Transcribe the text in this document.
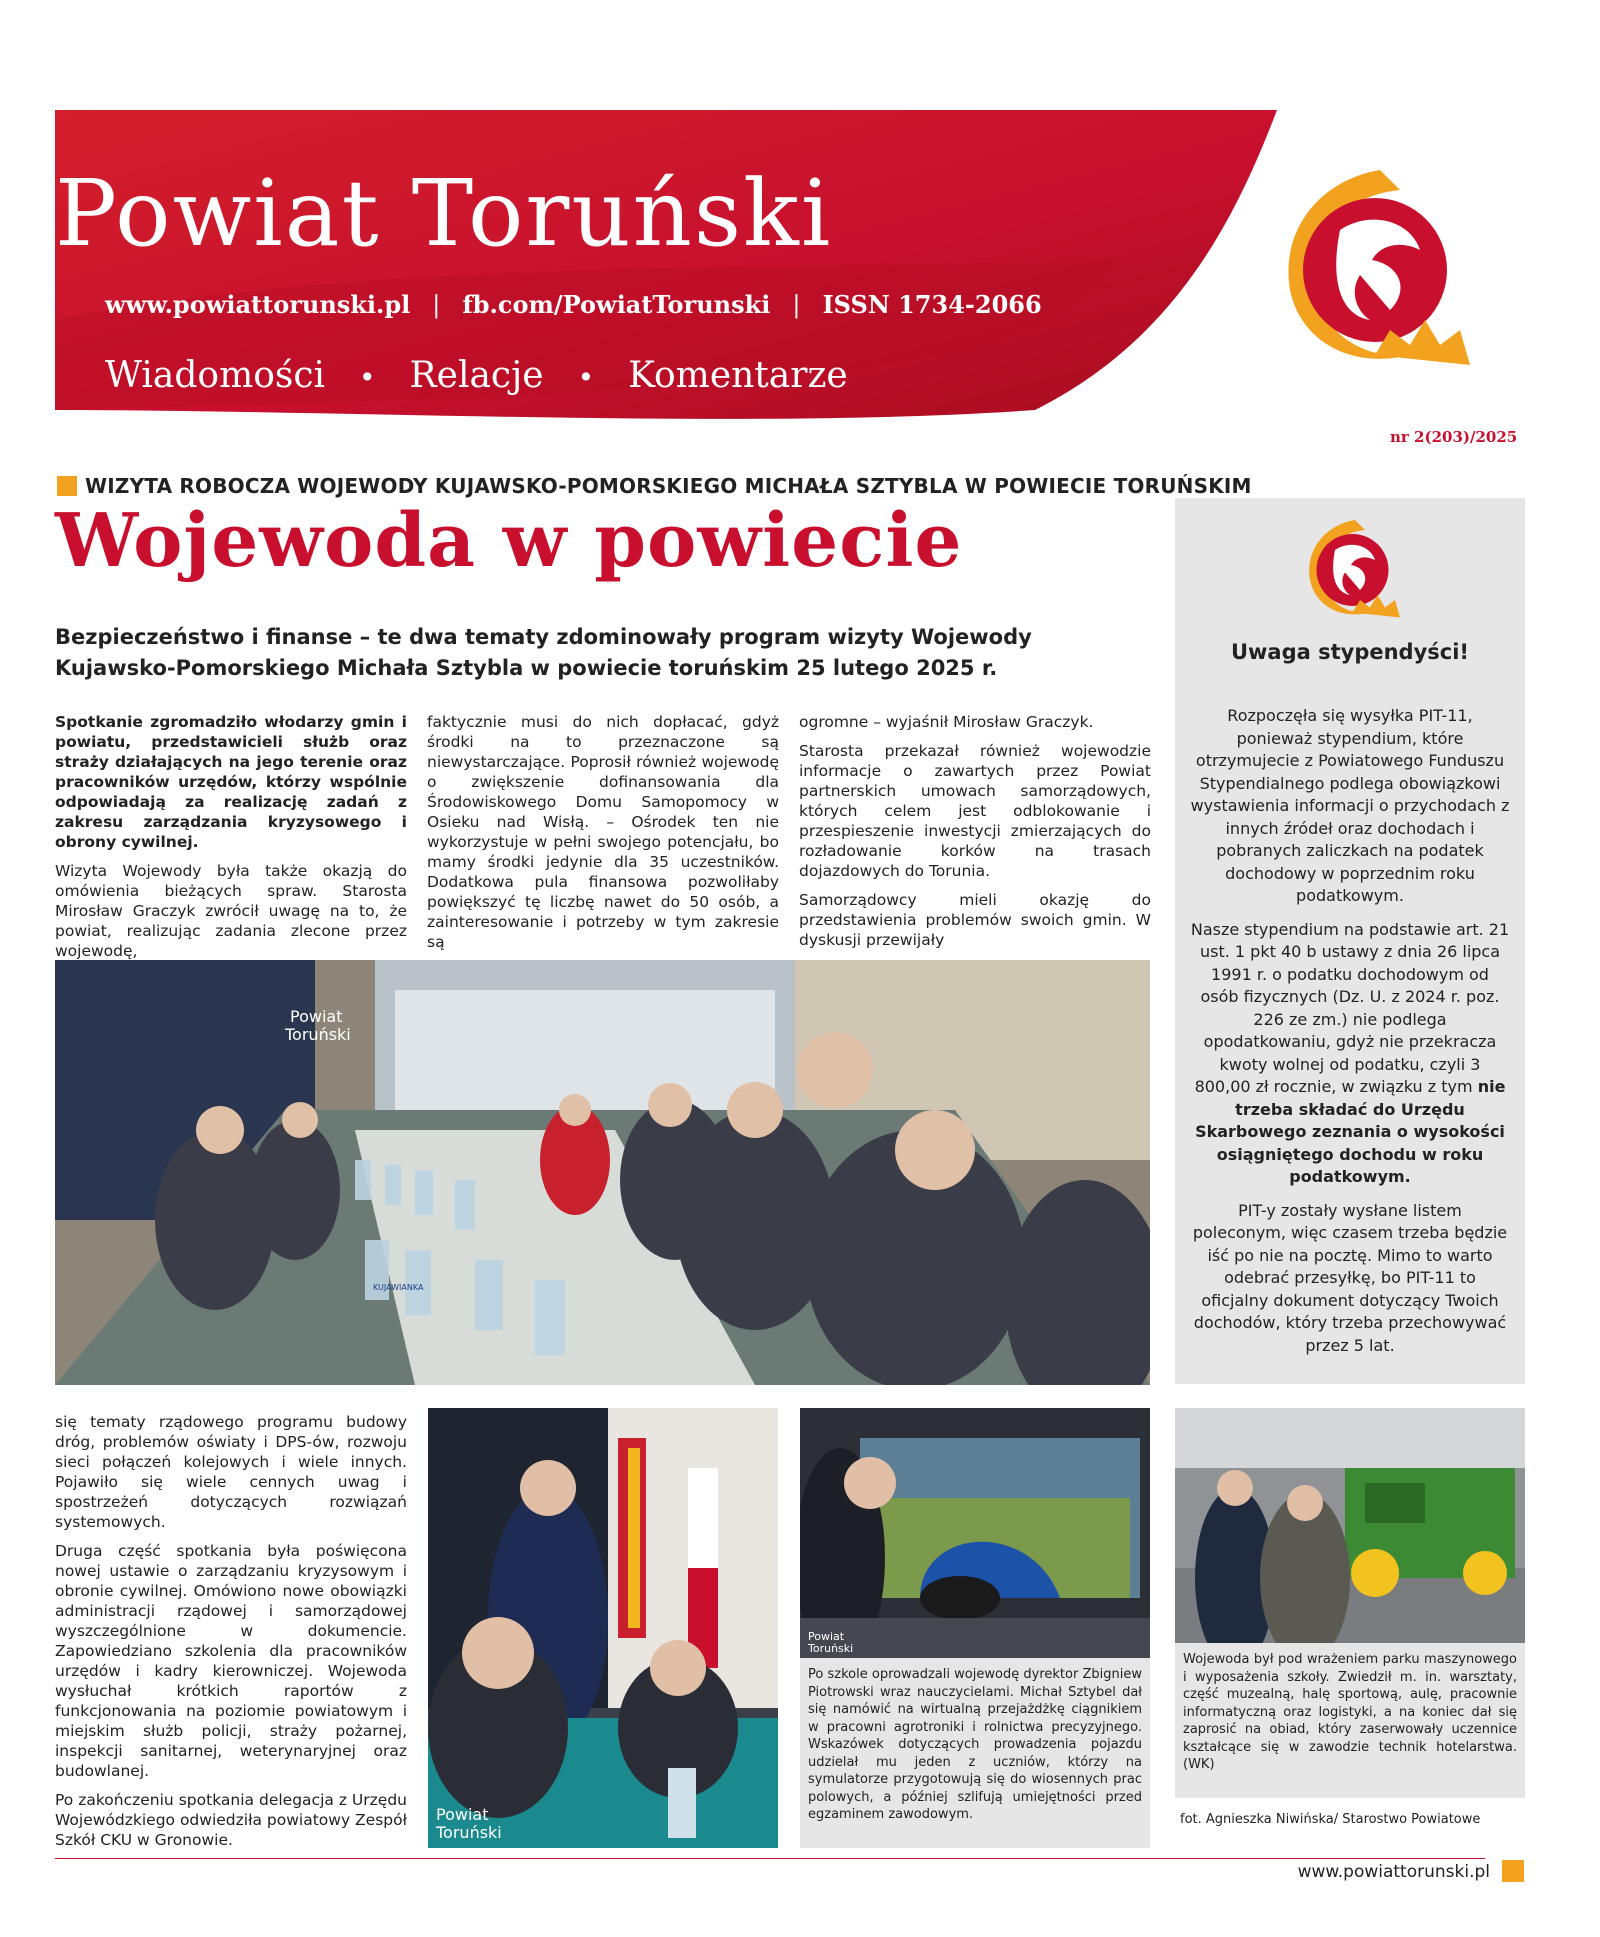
Powiat Toruński
www.powiattorunski.pl | fb.com/PowiatTorunski | ISSN 1734-2066
Wiadomości • Relacje • Komentarze
nr 2(203)/2025
WIZYTA ROBOCZA WOJEWODY KUJAWSKO-POMORSKIEGO MICHAŁA SZTYBLA W POWIECIE TORUŃSKIM
Wojewoda w powiecie
Bezpieczeństwo i finanse – te dwa tematy zdominowały program wizyty Wojewody Kujawsko-Pomorskiego Michała Sztybla w powiecie toruńskim 25 lutego 2025 r.

Spotkanie zgromadziło włodarzy gmin i powiatu, przedstawicieli służb oraz straży działających na jego terenie oraz pracowników urzędów, którzy wspólnie odpowiadają za realizację zadań z zakresu zarządzania kryzysowego i obrony cywilnej.

Wizyta Wojewody była także okazją do omówienia bieżących spraw. Starosta Mirosław Graczyk zwrócił uwagę na to, że powiat, realizując zadania zlecone przez wojewodę,

faktycznie musi do nich dopłacać, gdyż środki na to przeznaczone są niewystarczające. Poprosił również wojewodę o zwiększenie dofinansowania dla Środowiskowego Domu Samopomocy w Osieku nad Wisłą. – Ośrodek ten nie wykorzystuje w pełni swojego potencjału, bo mamy środki jedynie dla 35 uczestników. Dodatkowa pula finansowa pozwoliłaby powiększyć tę liczbę nawet do 50 osób, a zainteresowanie i potrzeby w tym zakresie są

ogromne – wyjaśnił Mirosław Graczyk.

Starosta przekazał również wojewodzie informacje o zawartych przez Powiat partnerskich umowach samorządowych, których celem jest odblokowanie i przespieszenie inwestycji zmierzających do rozładowanie korków na trasach dojazdowych do Torunia.

Samorządowcy mieli okazję do przedstawienia problemów swoich gmin. W dyskusji przewijały

Powiat
Toruński
KUJAWIANKA
Uwaga stypendyści!

Rozpoczęła się wysyłka PIT-11, ponieważ stypendium, które otrzymujecie z Powiatowego Funduszu Stypendialnego podlega obowiązkowi wystawienia informacji o przychodach z innych źródeł oraz dochodach i pobranych zaliczkach na podatek dochodowy w poprzednim roku podatkowym.

Nasze stypendium na podstawie art. 21 ust. 1 pkt 40 b ustawy z dnia 26 lipca 1991 r. o podatku dochodowym od osób fizycznych (Dz. U. z 2024 r. poz. 226 ze zm.) nie podlega opodatkowaniu, gdyż nie przekracza kwoty wolnej od podatku, czyli 3 800,00 zł rocznie, w związku z tym nie trzeba składać do Urzędu Skarbowego zeznania o wysokości osiągniętego dochodu w roku podatkowym.

PIT-y zostały wysłane listem poleconym, więc czasem trzeba będzie iść po nie na pocztę. Mimo to warto odebrać przesyłkę, bo PIT-11 to oficjalny dokument dotyczący Twoich dochodów, który trzeba przechowywać przez 5 lat.

się tematy rządowego programu budowy dróg, problemów oświaty i DPS-ów, rozwoju sieci połączeń kolejowych i wiele innych. Pojawiło się wiele cennych uwag i spostrzeżeń dotyczących rozwiązań systemowych.

Druga część spotkania była poświęcona nowej ustawie o zarządzaniu kryzysowym i obronie cywilnej. Omówiono nowe obowiązki administracji rządowej i samorządowej wyszczególnione w dokumencie. Zapowiedziano szkolenia dla pracowników urzędów i kadry kierowniczej. Wojewoda wysłuchał krótkich raportów z funkcjonowania na poziomie powiatowym i miejskim służb policji, straży pożarnej, inspekcji sanitarnej, weterynaryjnej oraz budowlanej.

Po zakończeniu spotkania delegacja z Urzędu Wojewódzkiego odwiedziła powiatowy Zespół Szkół CKU w Gronowie.

Powiat
Toruński
Powiat
Toruński
Po szkole oprowadzali wojewodę dyrektor Zbigniew Piotrowski wraz nauczycielami. Michał Sztybel dał się namówić na wirtualną przejażdżkę ciągnikiem w pracowni agrotroniki i rolnictwa precyzyjnego. Wskazówek dotyczących prowadzenia pojazdu udzielał mu jeden z uczniów, którzy na symulatorze przygotowują się do wiosennych prac polowych, a później szlifują umiejętności przed egzaminem zawodowym.
Wojewoda był pod wrażeniem parku maszynowego i wyposażenia szkoły. Zwiedził m. in. warsztaty, część muzealną, halę sportową, aulę, pracownie informatyczną oraz logistyki, a na koniec dał się zaprosić na obiad, który zaserwowały uczennice kształcące się w zawodzie technik hotelarstwa. (WK)
fot. Agnieszka Niwińska/ Starostwo Powiatowe
www.powiattorunski.pl
